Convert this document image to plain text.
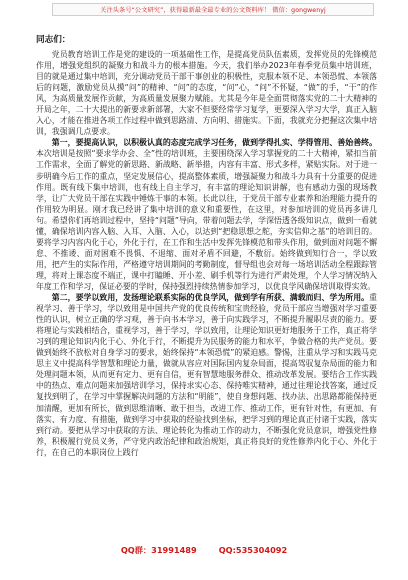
关注头条号“公文研究”，获得最新最全最专业的公文资料库！ 微信：gongwenyj
同志们：

党员教育培训工作是党的建设的一项基础性工作，是提高党员队伍素质，发挥党员的先锋模范作用，增强党组织的凝聚力和战斗力的根本措施。今天，我们举办2023年春季党员集中培训班，目的就是通过集中培训，充分调动党员干部干事创业的积极性，克服本领不足、本领恐慌、本领落后的问题，激励党员从摸“问”的精神、“问”的态度，“问”心，“问”不怀疑，“做”的手，“干”的作风，为高质量发展作贡献，为高质量发展聚力赋能。尤其是今年是全面贯彻落实党的二十大精神的开局之年，二十大提出的新要求新部署，大家不但要经常学习复学，更要深入学习大学，真正入脑入心，才能在推进各项工作过程中做到思路清、方向明、措施实。下面，我就充分把握这次集中培训，我强调几点要求。

第一，要提高认识，以积极认真的态度完成学习任务，做到学得扎实、学得管用、善始善终。本次培训是按照“要求学办会、全”性的培训班，主要围绕深入学习掌握党的二十大精神，紧扣当前工作需求，全面了解党的新思路、新战略、新举措，内容有丰富、形式多样，紧贴实际。对于进一步明确今后工作的重点，坚定发展信心，提高整体素质，增强凝聚力和战斗力具有十分重要的促进作用。既有线下集中培训，也有线上自主学习，有丰富的理论知识讲解，也有感动力强的现场教学，让广大党员干部在实践中锤炼干事的本领。长此以往，于党员干部专业素养和治理能力提升的作用较为明显。刚才我已经讲了集中培训的意义和重要性，在这里，对参加培训的党员再多讲几句。希望你们再培训过程中，坚持“问题”导向，带着问题去学，学深悟透各级知识点，做到一看就懂，确保培训内容入脑、入耳、入脑、入心，以达到“把稳思想之舵，夯实信仰之基”的培训目的。要将学习内容内化于心，外化于行，在工作和生活中发挥先锋模范和带头作用，做到面对问题不懈怠、不推诿、面对困难不畏惧、不退缩、面对矛盾不回避，不敷衍。始终做到知行合一，学以致用，把产生的实际作用，严格遵守培训期间的考勤制度，督导组也会对每一场培训活动全程跟踪管理，将对上课态度不端正，课中打瞌睡、开小差、刷手机等行为进行严肃处理，个人学习情况纳入年度工作和学习，保证必要的学时，保持强烈持续热情参加学习，以优良学风确保培训取得实效。

第二，要学以致用，发扬理论联系实际的优良学风，做到学有所获、满载而归、学为所用。重视学习、善于学习，学以致用是中国共产党的优良传统和宝贵经验，党员干部应当增强对学习重要性的认识，树立正确的学习观，善于向书本学习，善于向实践学习，不断提升履职尽责的能力。要将理论与实践相结合，重视学习，善于学习，学以致用，让理论知识更好地服务于工作，真正将学习到的理论知识内化于心、外化于行，不断提升为民服务的能力和水平，争做合格的共产党员。要做到始终不放松对自身学习的要求，始终保持“本领恐慌”的紧迫感。警惕，注重从学习和实践马克思主义中提高科学智慧和理论力量，做就从容应对国际国内复杂局面，提高驾驭复杂局面的能力和处理问题本领，从而更有定力、更有自信，更有智慧地服务群众、推动改革发展。要结合工作实践中的热点、难点问题来加强培训学习，保持求实心态、保持唯实精神，通过往理论找答案，通过反复找到明了，在学习中掌握解决问题的方法和“明能”，使自身想问题、找办法、出思路都能保持更加清醒，更加有所长，做到思维清晰、敢于担当，改进工作、推动工作，更有针对性，有更加、有落实、有力度、有措施，做到学习中获取的经验找到坐标，把学习到的理论真正付诸于实践，落实到行动。要把从学习中获取的方法、理论转化为推动工作的动力，不断强化党员意识，增强党性修养，积极履行党员义务，严守党内政治纪律和政治规矩，真正将良好的党性修养内化于心、外化于行，在自己的本职岗位上践行

QQ群：31991489	QQ:535304092
